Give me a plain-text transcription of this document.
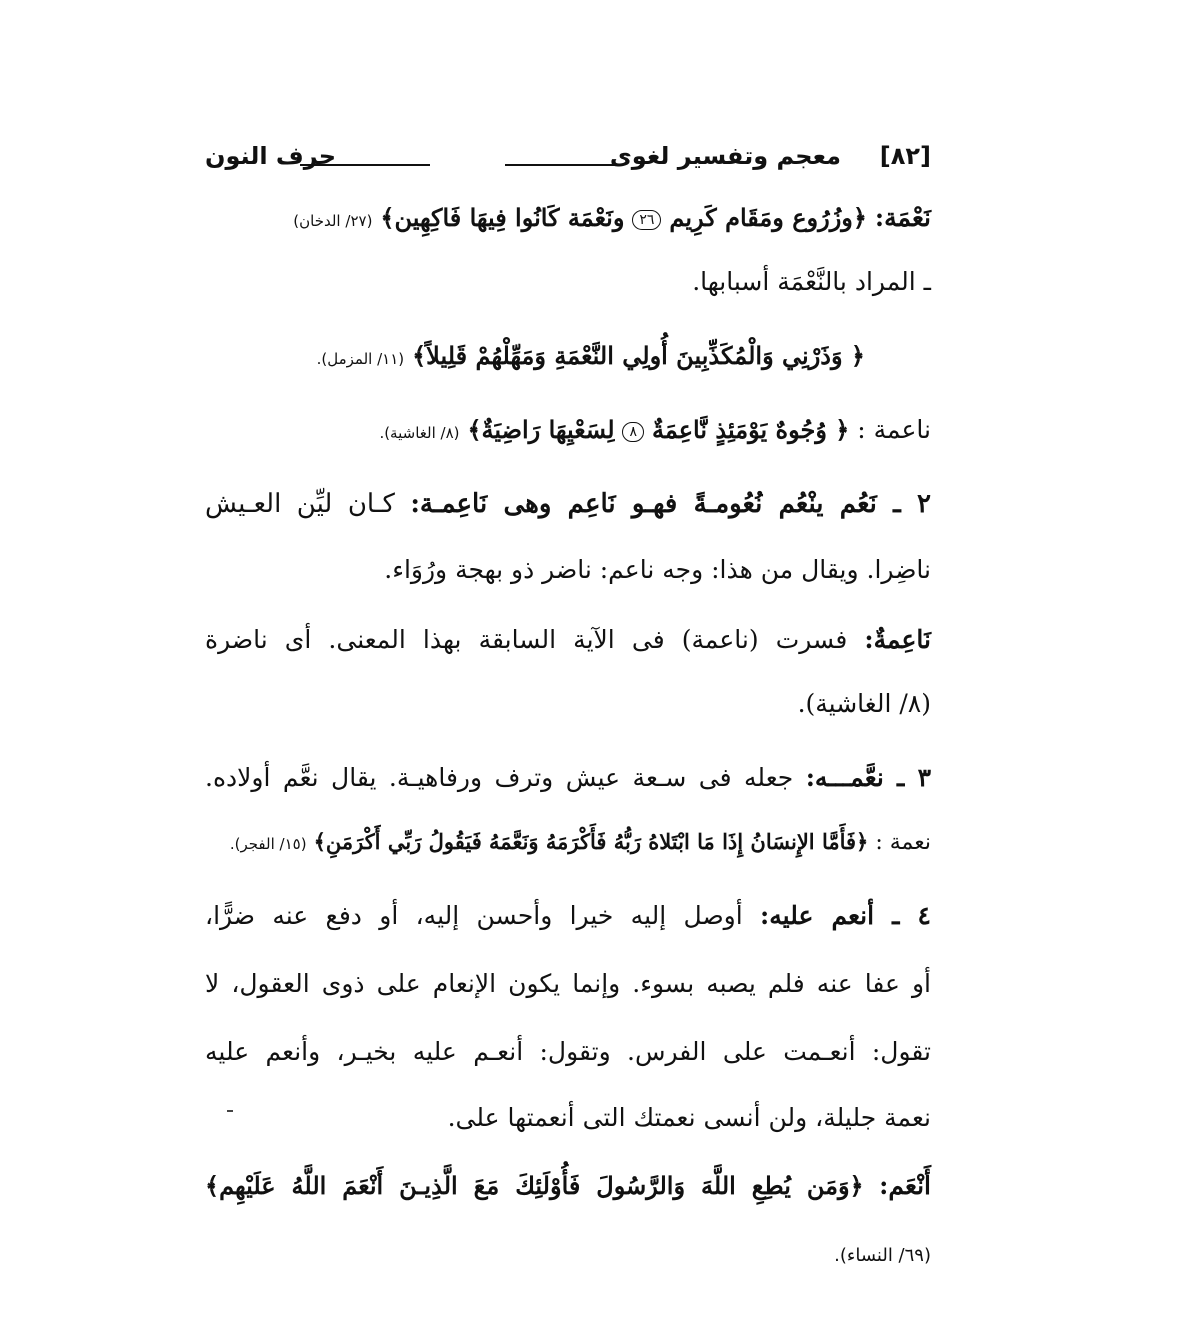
[٨٢]
معجم وتفسير لغوى
حرف النون
نَعْمَة: ﴿وزُرُوع ومَقَام كَرِيم ٢٦ ونَعْمَة كَانُوا فِيهَا فَاكِهِين﴾ (٢٧/ الدخان)
ـ المراد بالنَّعْمَة أسبابها.
﴿ وَذَرْنِي وَالْمُكَذِّبِينَ أُولِي النَّعْمَةِ وَمَهِّلْهُمْ قَلِيلاً﴾ (١١/ المزمل).
ناعمة : ﴿ وُجُوهٌ يَوْمَئِذٍ نَّاعِمَةٌ ٨ لِسَعْيِهَا رَاضِيَةٌ﴾ (٨/ الغاشية).
٢ ـ نَعُم ينْعُم نُعُومـةً فهـو نَاعِم وهى نَاعِمـة: كـان ليِّن العـيش
ناضِرا. ويقال من هذا: وجه ناعم: ناضر ذو بهجة ورُوَاء.
نَاعِمةٌ: فسرت (ناعمة) فى الآية السابقة بهذا المعنى. أى ناضرة
(٨/ الغاشية).
٣ ـ نعَّمـــه: جعله فى سـعة عيش وترف ورفاهيـة. يقال نعَّم أولاده.
نعمة : ﴿فَأَمَّا الإِنسَانُ إِذَا مَا ابْتَلاهُ رَبُّهُ فَأَكْرَمَهُ وَنَعَّمَهُ فَيَقُولُ رَبِّي أَكْرَمَنِ﴾ (١٥/ الفجر).
٤ ـ أنعم عليه: أوصل إليه خيرا وأحسن إليه، أو دفع عنه ضرًّا،
أو عفا عنه فلم يصبه بسوء. وإنما يكون الإنعام على ذوى العقول، لا
تقول: أنعـمت على الفرس. وتقول: أنعـم عليه بخيـر، وأنعم عليه
نعمة جليلة، ولن أنسى نعمتك التى أنعمتها على.
أَنْعَم: ﴿وَمَن يُطِعِ اللَّهَ وَالرَّسُولَ فَأُوْلَئِكَ مَعَ الَّذِيـنَ أَنْعَمَ اللَّهُ عَلَيْهِم﴾
(٦٩/ النساء).
